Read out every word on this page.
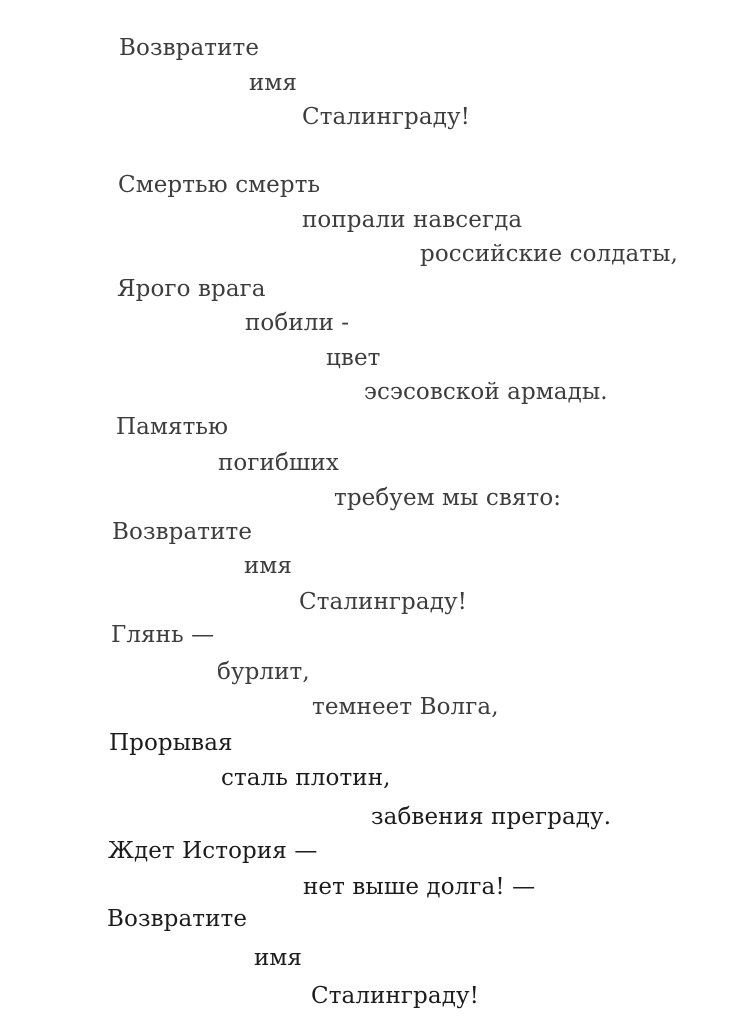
Возвратите
имя
Сталинграду!
Смертью смерть
попрали навсегда
российские солдаты,
Ярого врага
побили -
цвет
эсэсовской армады.
Памятью
погибших
требуем мы свято:
Возвратите
имя
Сталинграду!
Глянь —
бурлит,
темнеет Волга,
Прорывая
сталь плотин,
забвения преграду.
Ждет История —
нет выше долга! —
Возвратите
имя
Сталинграду!
